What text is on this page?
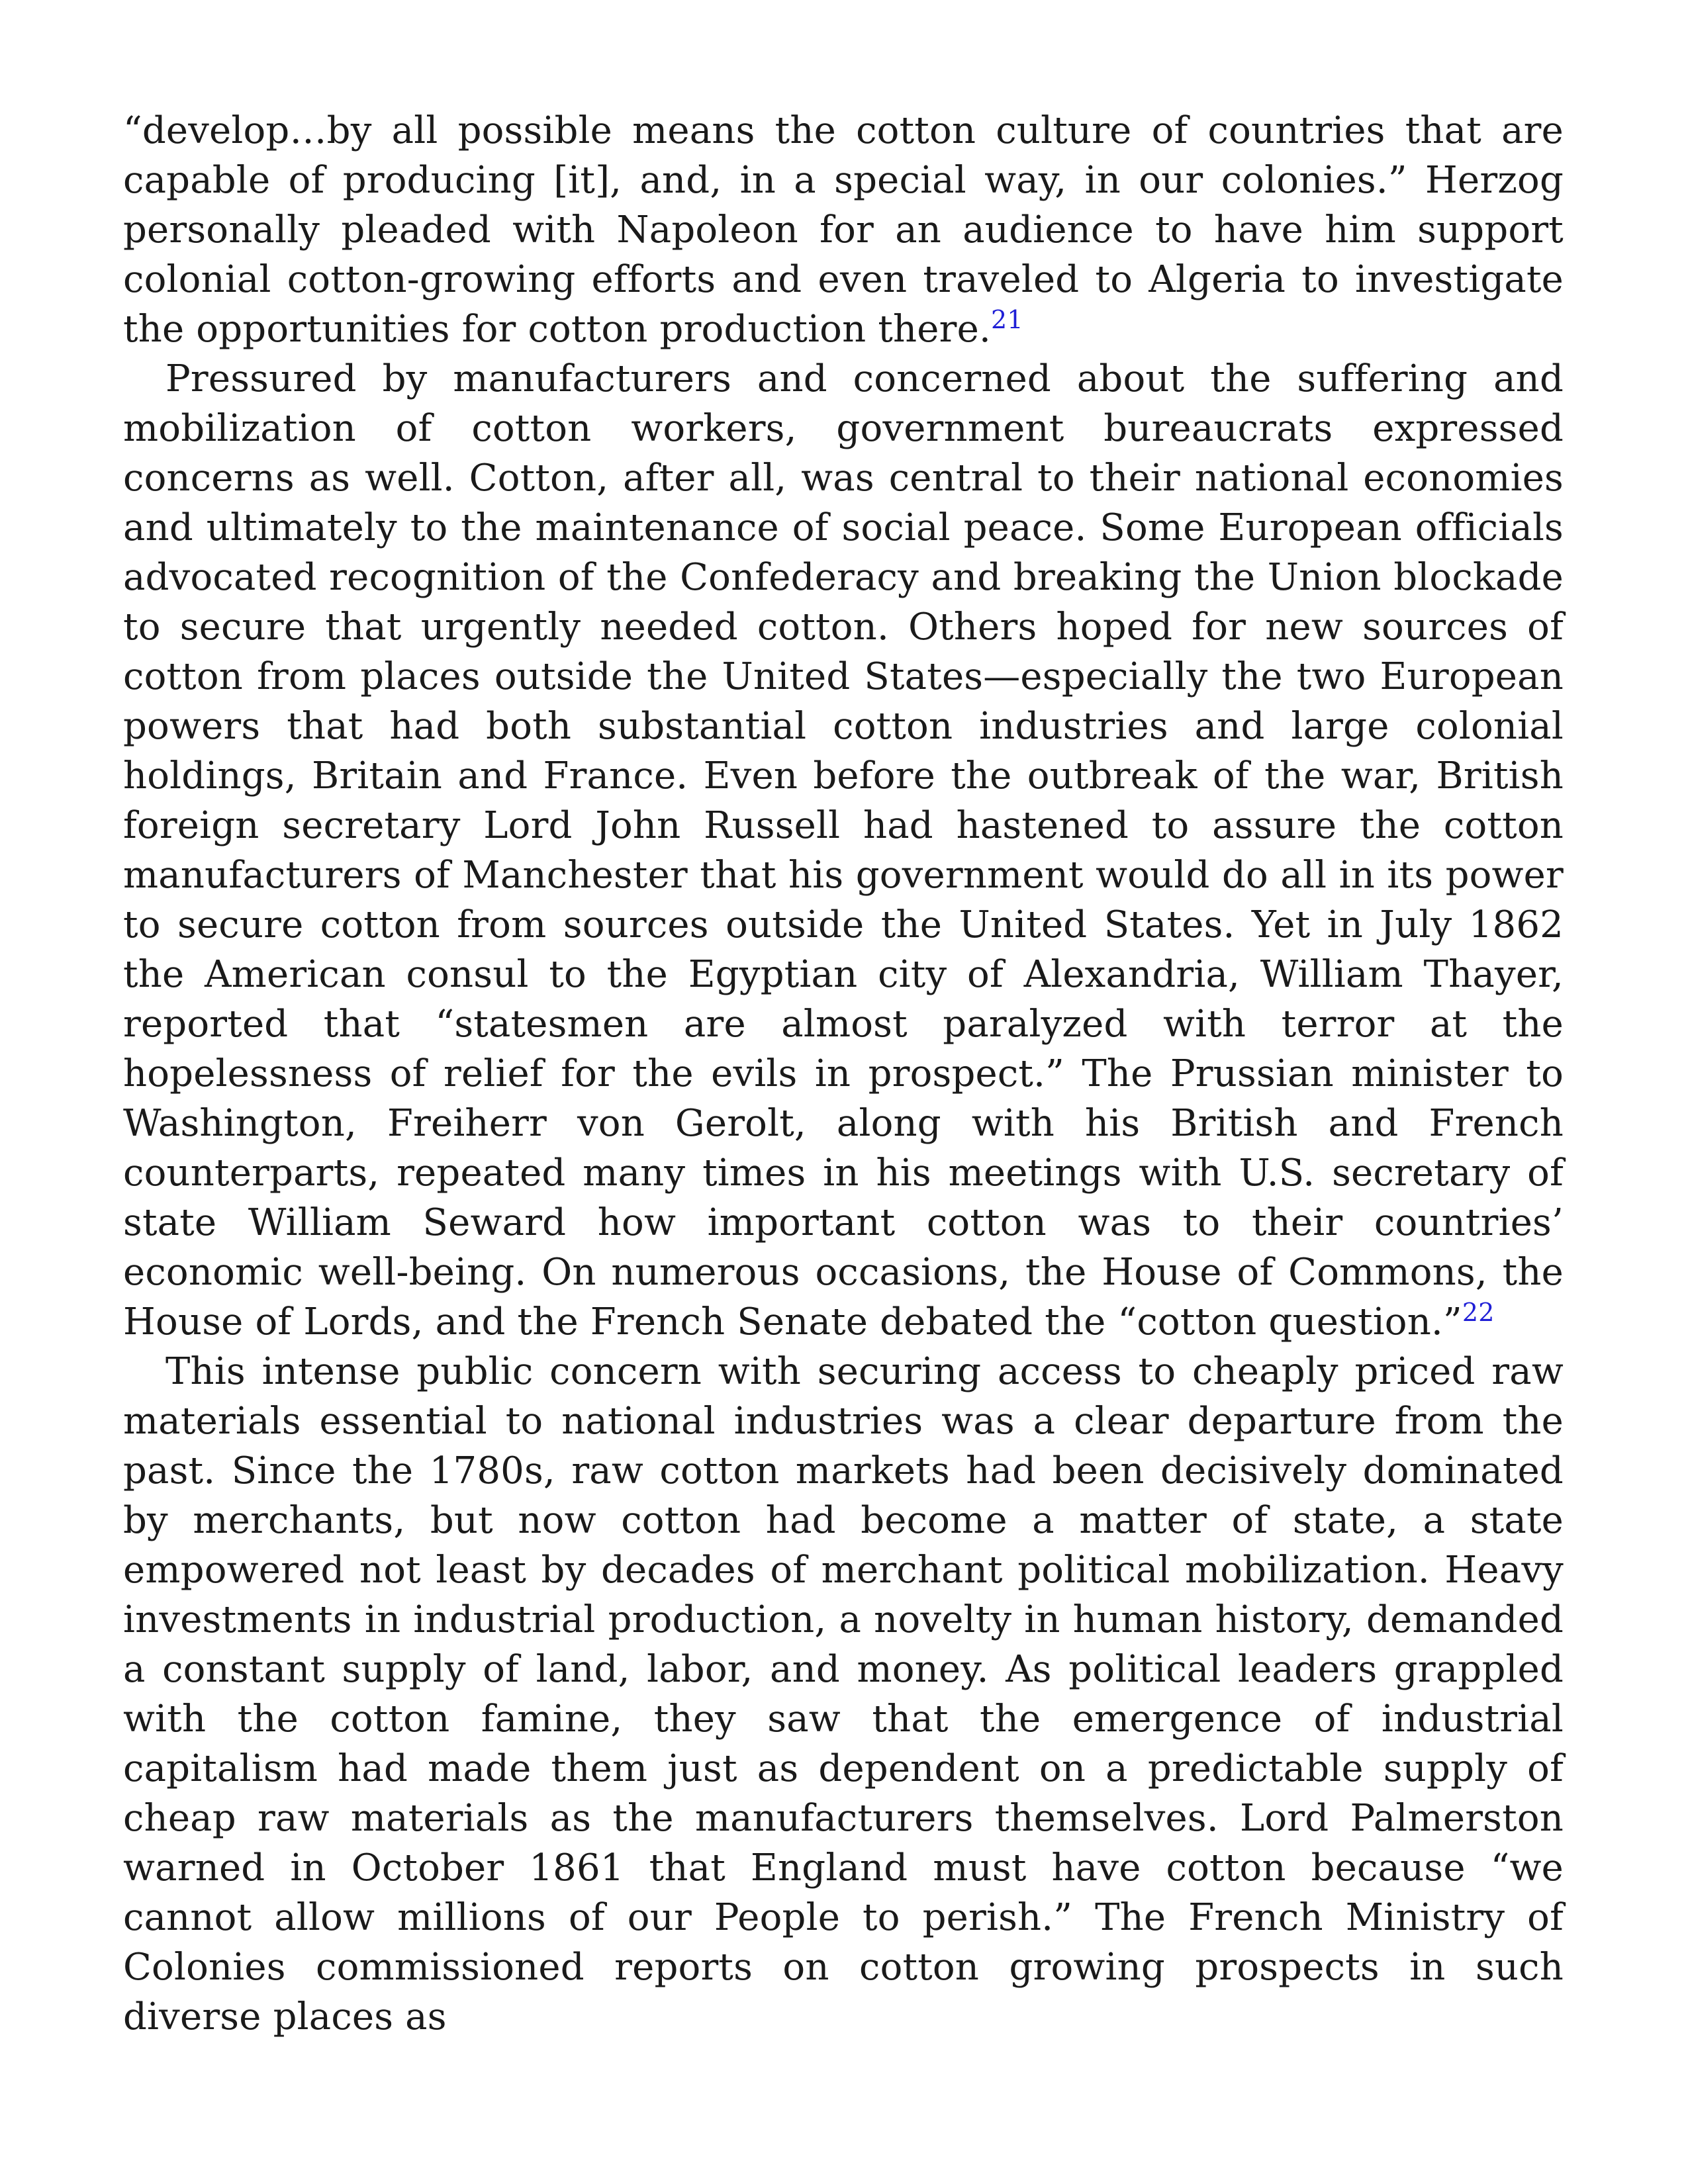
“develop…by all possible means the cotton culture of countries that are capable of producing [it], and, in a special way, in our colonies.” Herzog personally pleaded with Napoleon for an audience to have him support colonial cotton-growing efforts and even traveled to Algeria to investigate the opportunities for cotton production there.$^{21}$

Pressured by manufacturers and concerned about the suffering and mobilization of cotton workers, government bureaucrats expressed concerns as well. Cotton, after all, was central to their national economies and ultimately to the maintenance of social peace. Some European officials advocated recognition of the Confederacy and breaking the Union blockade to secure that urgently needed cotton. Others hoped for new sources of cotton from places outside the United States—especially the two European powers that had both substantial cotton industries and large colonial holdings, Britain and France. Even before the outbreak of the war, British foreign secretary Lord John Russell had hastened to assure the cotton manufacturers of Manchester that his government would do all in its power to secure cotton from sources outside the United States. Yet in July 1862 the American consul to the Egyptian city of Alexandria, William Thayer, reported that “statesmen are almost paralyzed with terror at the hopelessness of relief for the evils in prospect.” The Prussian minister to Washington, Freiherr von Gerolt, along with his British and French counterparts, repeated many times in his meetings with U.S. secretary of state William Seward how important cotton was to their countries’ economic well-being. On numerous occasions, the House of Commons, the House of Lords, and the French Senate debated the “cotton question.”$^{22}$

This intense public concern with securing access to cheaply priced raw materials essential to national industries was a clear departure from the past. Since the 1780s, raw cotton markets had been decisively dominated by merchants, but now cotton had become a matter of state, a state empowered not least by decades of merchant political mobilization. Heavy investments in industrial production, a novelty in human history, demanded a constant supply of land, labor, and money. As political leaders grappled with the cotton famine, they saw that the emergence of industrial capitalism had made them just as dependent on a predictable supply of cheap raw materials as the manufacturers themselves. Lord Palmerston warned in October 1861 that England must have cotton because “we cannot allow millions of our People to perish.” The French Ministry of Colonies commissioned reports on cotton growing prospects in such diverse places as
